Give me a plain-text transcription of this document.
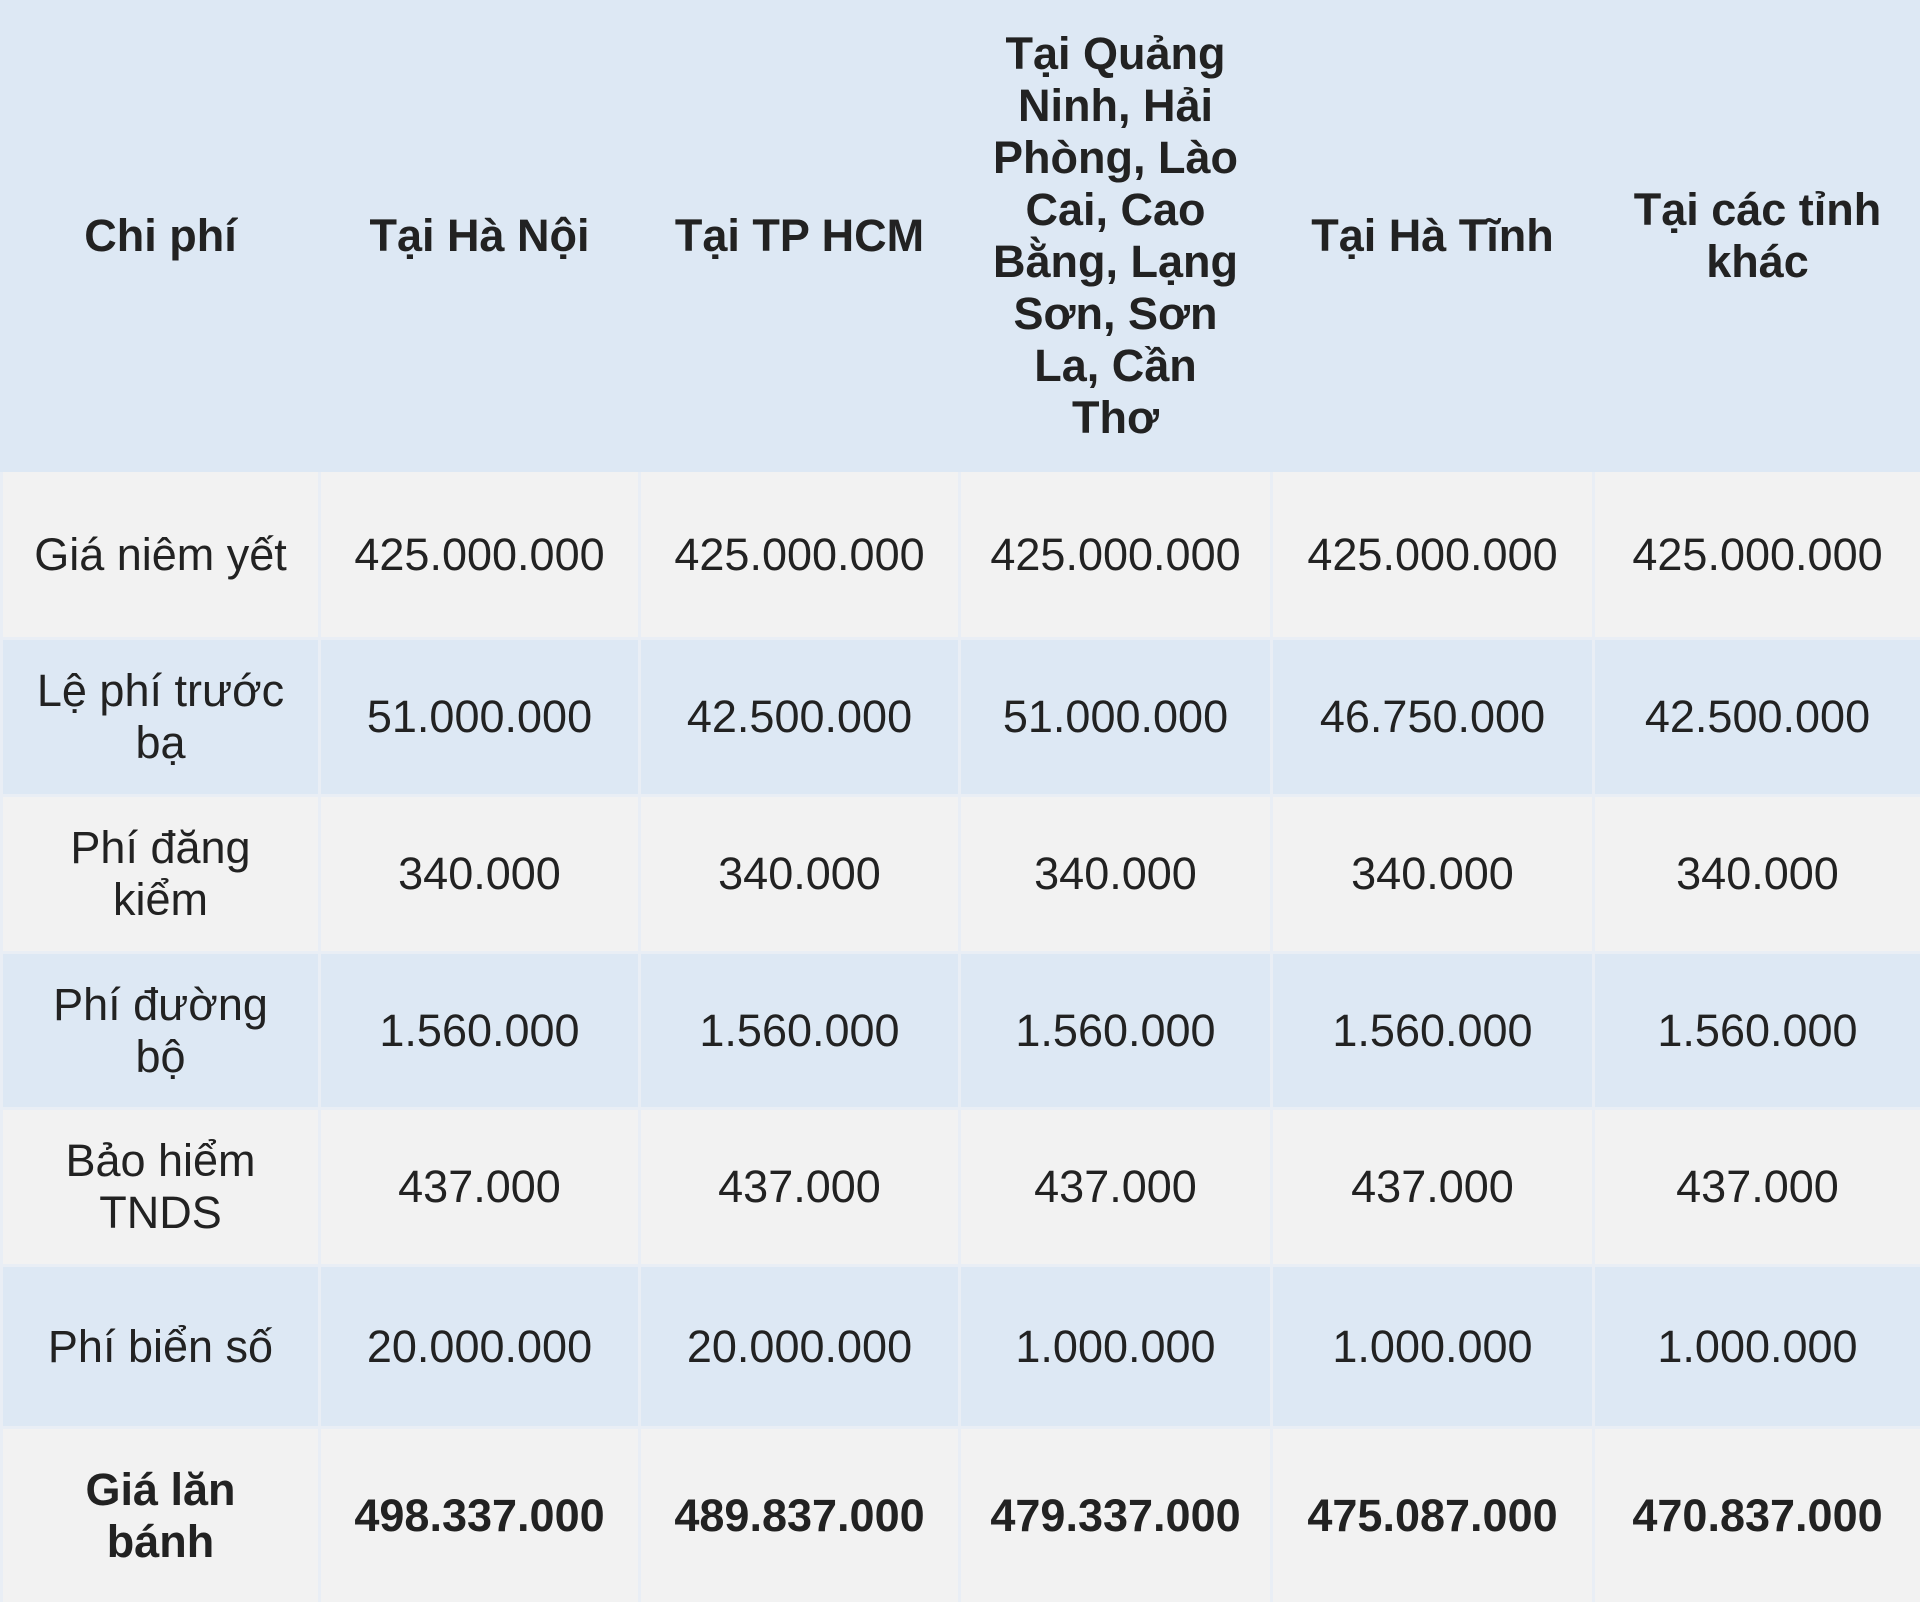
Chi phí	Tại Hà Nội	Tại TP HCM	Tại Quảng Ninh, Hải Phòng, Lào Cai, Cao Bằng, Lạng Sơn, Sơn La, Cần Thơ	Tại Hà Tĩnh	Tại các tỉnh khác
Giá niêm yết	425.000.000	425.000.000	425.000.000	425.000.000	425.000.000
Lệ phí trước bạ	51.000.000	42.500.000	51.000.000	46.750.000	42.500.000
Phí đăng kiểm	340.000	340.000	340.000	340.000	340.000
Phí đường bộ	1.560.000	1.560.000	1.560.000	1.560.000	1.560.000
Bảo hiểm TNDS	437.000	437.000	437.000	437.000	437.000
Phí biển số	20.000.000	20.000.000	1.000.000	1.000.000	1.000.000
Giá lăn bánh	498.337.000	489.837.000	479.337.000	475.087.000	470.837.000
